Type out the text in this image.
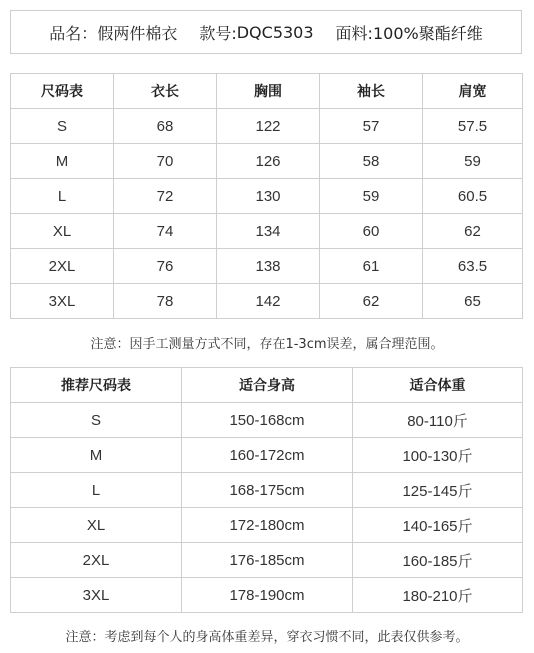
品名： 假两件棉衣 款号: DQC5303 面料: 100%聚酯纤维
尺码表	衣长	胸围	袖长	肩宽
S	68	122	57	57.5
M	70	126	58	59
L	72	130	59	60.5
XL	74	134	60	62
2XL	76	138	61	63.5
3XL	78	142	62	65
注意：因手工测量方式不同，存在1-3cm误差，属合理范围。
推荐尺码表	适合身高	适合体重
S	150-168cm	80-110斤
M	160-172cm	100-130斤
L	168-175cm	125-145斤
XL	172-180cm	140-165斤
2XL	176-185cm	160-185斤
3XL	178-190cm	180-210斤
注意：考虑到每个人的身高体重差异，穿衣习惯不同，此表仅供参考。
